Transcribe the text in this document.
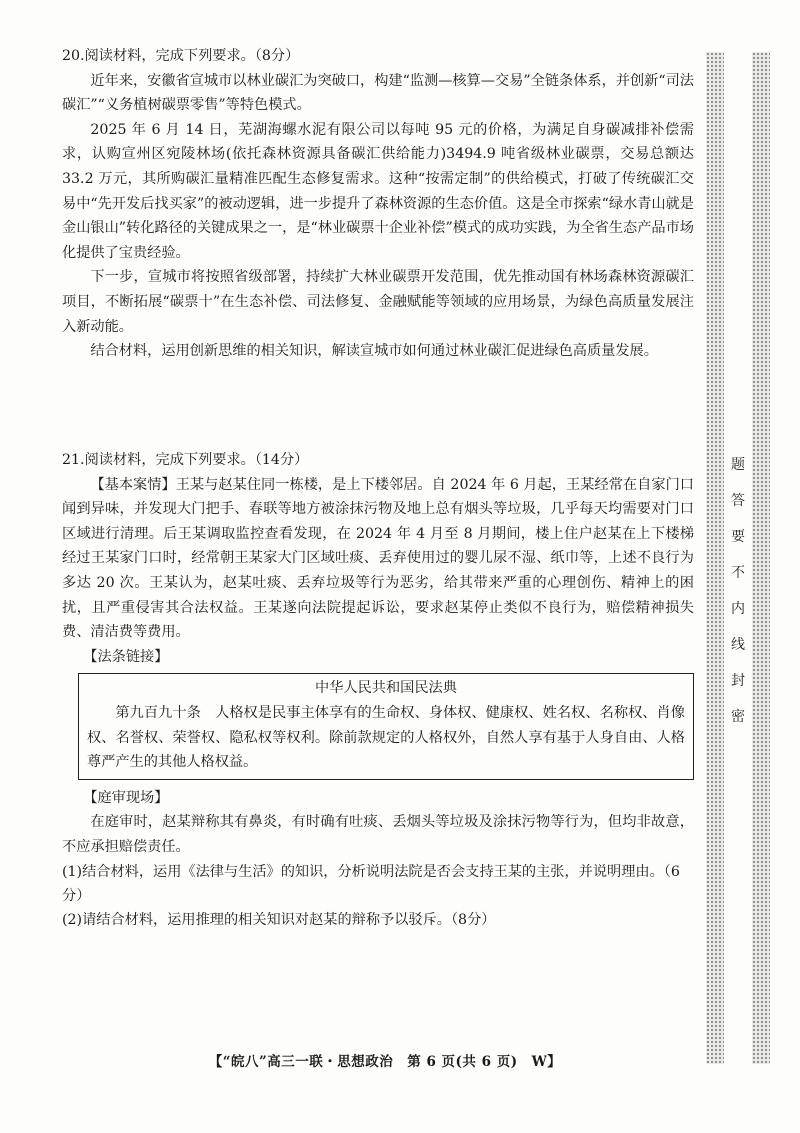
20.阅读材料，完成下列要求。（8分）

近年来，安徽省宣城市以林业碳汇为突破口，构建“监测—核算—交易”全链条体系，并创新“司法碳汇”“义务植树碳票零售”等特色模式。

2025 年 6 月 14 日，芜湖海螺水泥有限公司以每吨 95 元的价格，为满足自身碳减排补偿需求，认购宣州区宛陵林场(依托森林资源具备碳汇供给能力)3494.9 吨省级林业碳票，交易总额达 33.2 万元，其所购碳汇量精准匹配生态修复需求。这种“按需定制”的供给模式，打破了传统碳汇交易中“先开发后找买家”的被动逻辑，进一步提升了森林资源的生态价值。这是全市探索“绿水青山就是金山银山”转化路径的关键成果之一，是“林业碳票十企业补偿”模式的成功实践，为全省生态产品市场化提供了宝贵经验。

下一步，宣城市将按照省级部署，持续扩大林业碳票开发范围，优先推动国有林场森林资源碳汇项目，不断拓展“碳票十”在生态补偿、司法修复、金融赋能等领域的应用场景，为绿色高质量发展注入新动能。

结合材料，运用创新思维的相关知识，解读宣城市如何通过林业碳汇促进绿色高质量发展。

21.阅读材料，完成下列要求。（14分）

【基本案情】王某与赵某住同一栋楼，是上下楼邻居。自 2024 年 6 月起，王某经常在自家门口闻到异味，并发现大门把手、春联等地方被涂抹污物及地上总有烟头等垃圾，几乎每天均需要对门口区域进行清理。后王某调取监控查看发现，在 2024 年 4 月至 8 月期间，楼上住户赵某在上下楼梯经过王某家门口时，经常朝王某家大门区域吐痰、丢弃使用过的婴儿尿不湿、纸巾等，上述不良行为多达 20 次。王某认为，赵某吐痰、丢弃垃圾等行为恶劣，给其带来严重的心理创伤、精神上的困扰，且严重侵害其合法权益。王某遂向法院提起诉讼，要求赵某停止类似不良行为，赔偿精神损失费、清洁费等费用。

【法条链接】

中华人民共和国民法典

第九百九十条　人格权是民事主体享有的生命权、身体权、健康权、姓名权、名称权、肖像权、名誉权、荣誉权、隐私权等权利。除前款规定的人格权外，自然人享有基于人身自由、人格尊严产生的其他人格权益。

【庭审现场】

在庭审时，赵某辩称其有鼻炎，有时确有吐痰、丢烟头等垃圾及涂抹污物等行为，但均非故意，不应承担赔偿责任。

(1)结合材料，运用《法律与生活》的知识，分析说明法院是否会支持王某的主张，并说明理由。（6分）

(2)请结合材料，运用推理的相关知识对赵某的辩称予以驳斥。（8分）

密
封
线
内
不
要
答
题
【“皖八”高三一联・思想政治　第 6 页(共 6 页)　W】
